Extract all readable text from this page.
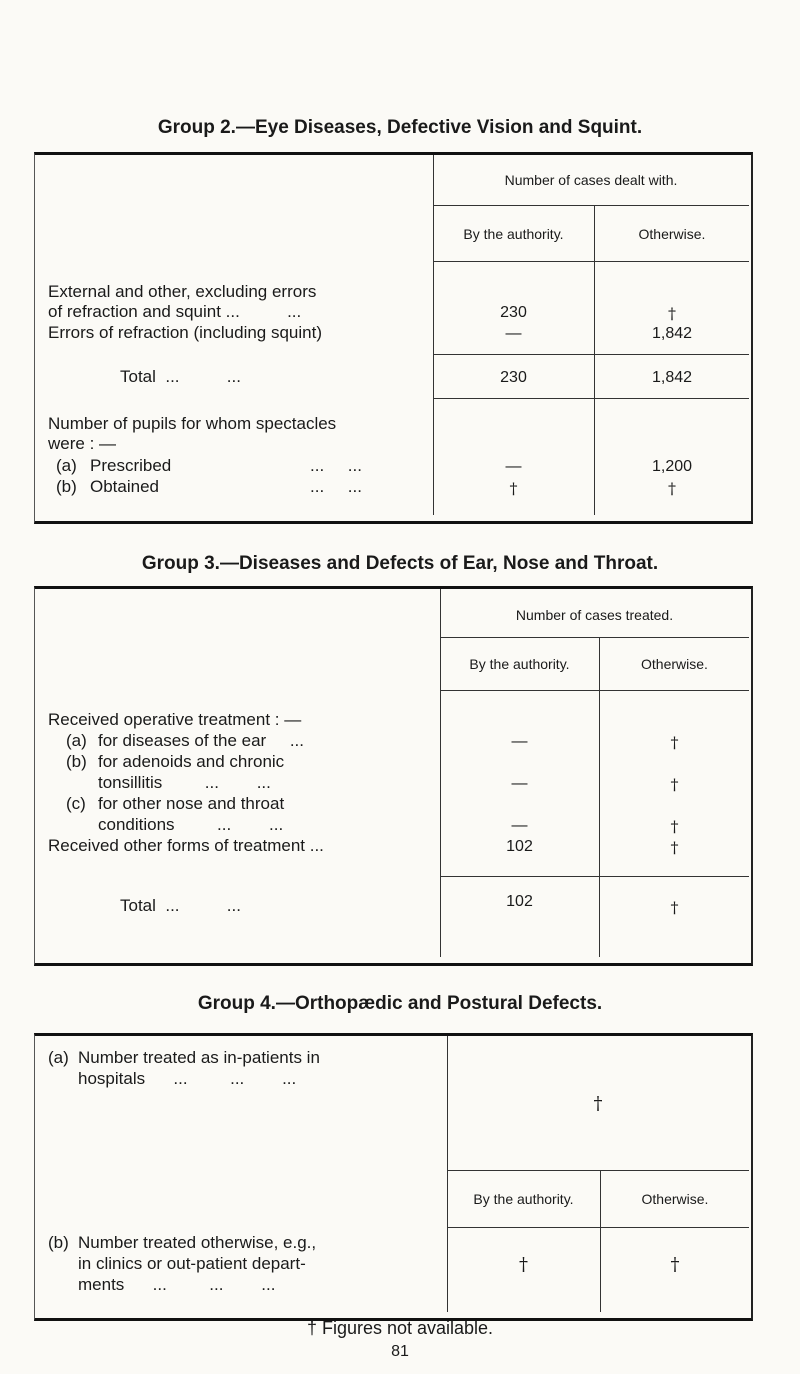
Group 2.—Eye Diseases, Defective Vision and Squint.
Number of cases dealt with.
By the authority.	Otherwise.
External and other, excluding errors
of refraction and squint ...          ...	230	†
Errors of refraction (including squint)	—	1,842
Total  ...          ...	230	1,842
Number of pupils for whom spectacles
were : —
(a) Prescribed	...     ...	—	1,200
(b) Obtained	...     ...	†	†
Group 3.—Diseases and Defects of Ear, Nose and Throat.
Number of cases treated.
By the authority.	Otherwise.
Received operative treatment : —
(a) for diseases of the ear     ...	—	†
(b) for adenoids and chronic
tonsillitis         ...        ...	—	†
(c) for other nose and throat
conditions         ...        ...	—	†
Received other forms of treatment ...	102	†
Total  ...          ...	102	†
Group 4.—Orthopædic and Postural Defects.
(a) Number treated as in-patients in
hospitals      ...         ...        ...
†
By the authority.	Otherwise.
(b) Number treated otherwise, e.g.,
in clinics or out-patient depart-
ments      ...         ...        ...
†	†
† Figures not available.
81
